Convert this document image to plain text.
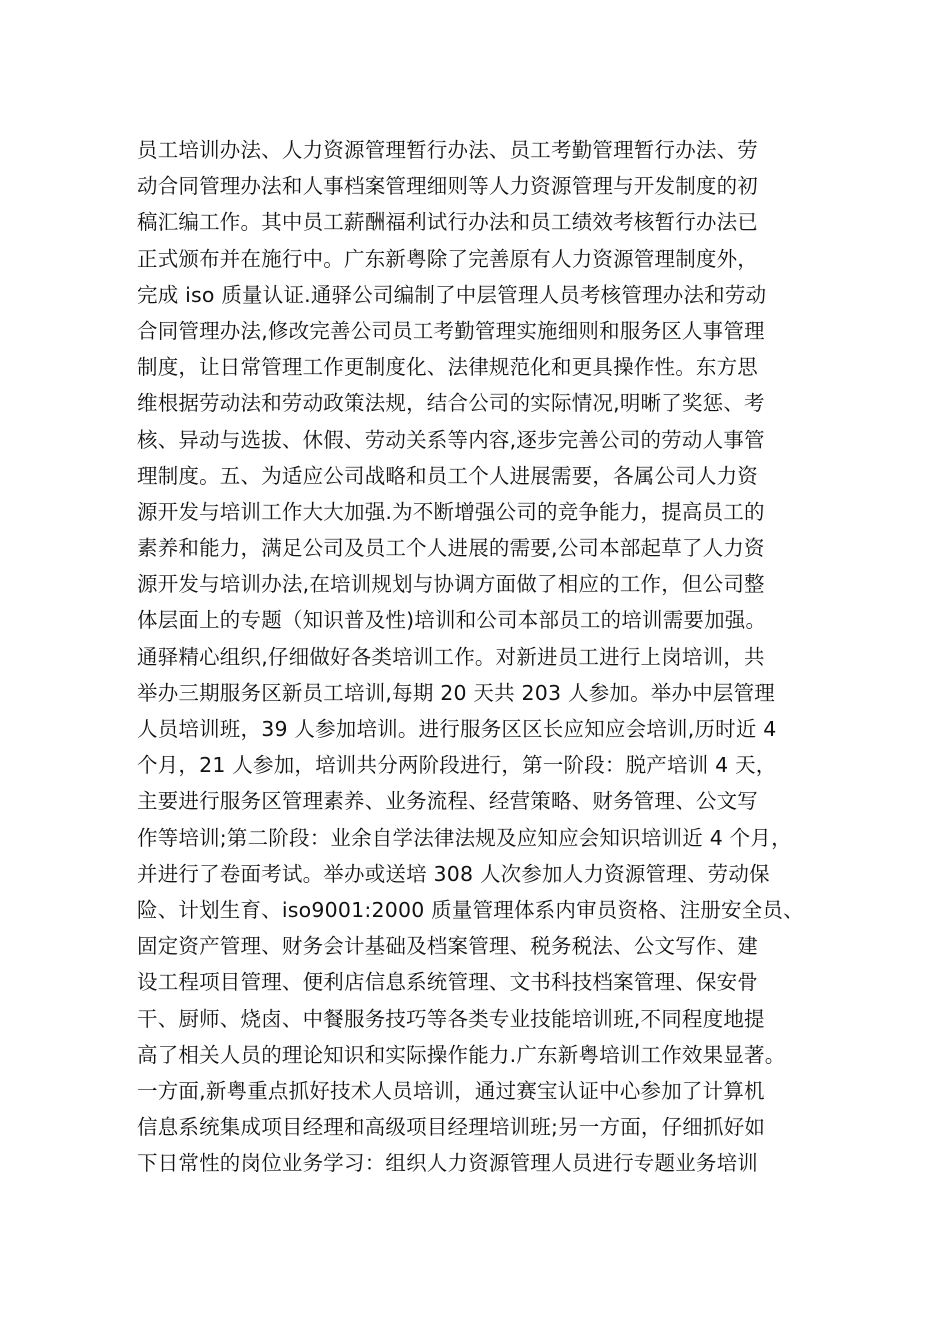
员工培训办法、人力资源管理暂行办法、员工考勤管理暂行办法、劳
动合同管理办法和人事档案管理细则等人力资源管理与开发制度的初
稿汇编工作。其中员工薪酬福利试行办法和员工绩效考核暂行办法已
正式颁布并在施行中。广东新粤除了完善原有人力资源管理制度外，
完成 iso 质量认证.通驿公司编制了中层管理人员考核管理办法和劳动
合同管理办法,修改完善公司员工考勤管理实施细则和服务区人事管理
制度，让日常管理工作更制度化、法律规范化和更具操作性。东方思
维根据劳动法和劳动政策法规，结合公司的实际情况,明晰了奖惩、考
核、异动与选拔、休假、劳动关系等内容,逐步完善公司的劳动人事管
理制度。五、为适应公司战略和员工个人进展需要，各属公司人力资
源开发与培训工作大大加强.为不断增强公司的竞争能力，提高员工的
素养和能力，满足公司及员工个人进展的需要,公司本部起草了人力资
源开发与培训办法,在培训规划与协调方面做了相应的工作，但公司整
体层面上的专题（知识普及性)培训和公司本部员工的培训需要加强。
通驿精心组织,仔细做好各类培训工作。对新进员工进行上岗培训，共
举办三期服务区新员工培训,每期 20 天共 203 人参加。举办中层管理
人员培训班，39 人参加培训。进行服务区区长应知应会培训,历时近 4
个月，21 人参加，培训共分两阶段进行，第一阶段：脱产培训 4 天，
主要进行服务区管理素养、业务流程、经营策略、财务管理、公文写
作等培训;第二阶段：业余自学法律法规及应知应会知识培训近 4 个月，
并进行了卷面考试。举办或送培 308 人次参加人力资源管理、劳动保
险、计划生育、iso9001:2000 质量管理体系内审员资格、注册安全员、
固定资产管理、财务会计基础及档案管理、税务税法、公文写作、建
设工程项目管理、便利店信息系统管理、文书科技档案管理、保安骨
干、厨师、烧卤、中餐服务技巧等各类专业技能培训班,不同程度地提
高了相关人员的理论知识和实际操作能力.广东新粤培训工作效果显著。
一方面,新粤重点抓好技术人员培训，通过赛宝认证中心参加了计算机
信息系统集成项目经理和高级项目经理培训班;另一方面，仔细抓好如
下日常性的岗位业务学习：组织人力资源管理人员进行专题业务培训
